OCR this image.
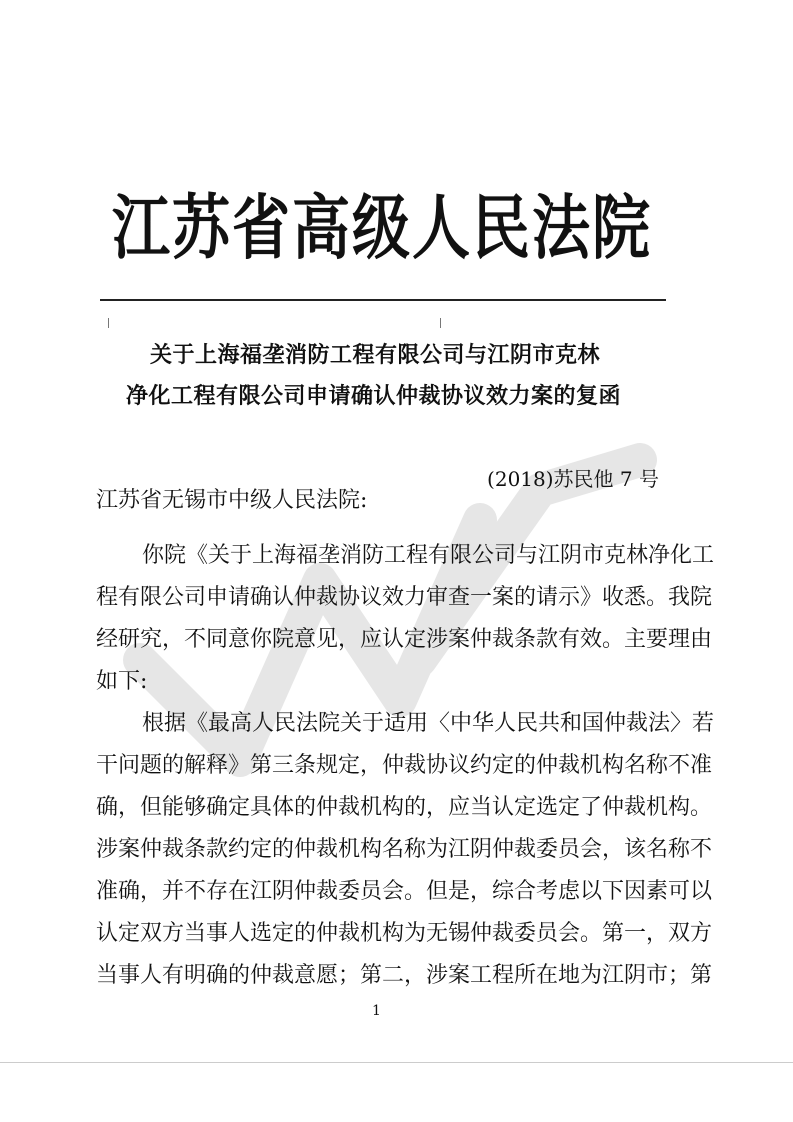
江苏省高级人民法院
关于上海福垄消防工程有限公司与江阴市克林
净化工程有限公司申请确认仲裁协议效力案的复函
(2018)苏民他 7 号
江苏省无锡市中级人民法院:
你院《关于上海福垄消防工程有限公司与江阴市克林净化工
程有限公司申请确认仲裁协议效力审查一案的请示》收悉。我院
经研究，不同意你院意见，应认定涉案仲裁条款有效。主要理由
如下:
根据《最高人民法院关于适用〈中华人民共和国仲裁法〉若
干问题的解释》第三条规定，仲裁协议约定的仲裁机构名称不准
确，但能够确定具体的仲裁机构的，应当认定选定了仲裁机构。
涉案仲裁条款约定的仲裁机构名称为江阴仲裁委员会，该名称不
准确，并不存在江阴仲裁委员会。但是，综合考虑以下因素可以
认定双方当事人选定的仲裁机构为无锡仲裁委员会。第一，双方
当事人有明确的仲裁意愿；第二，涉案工程所在地为江阴市；第
1
